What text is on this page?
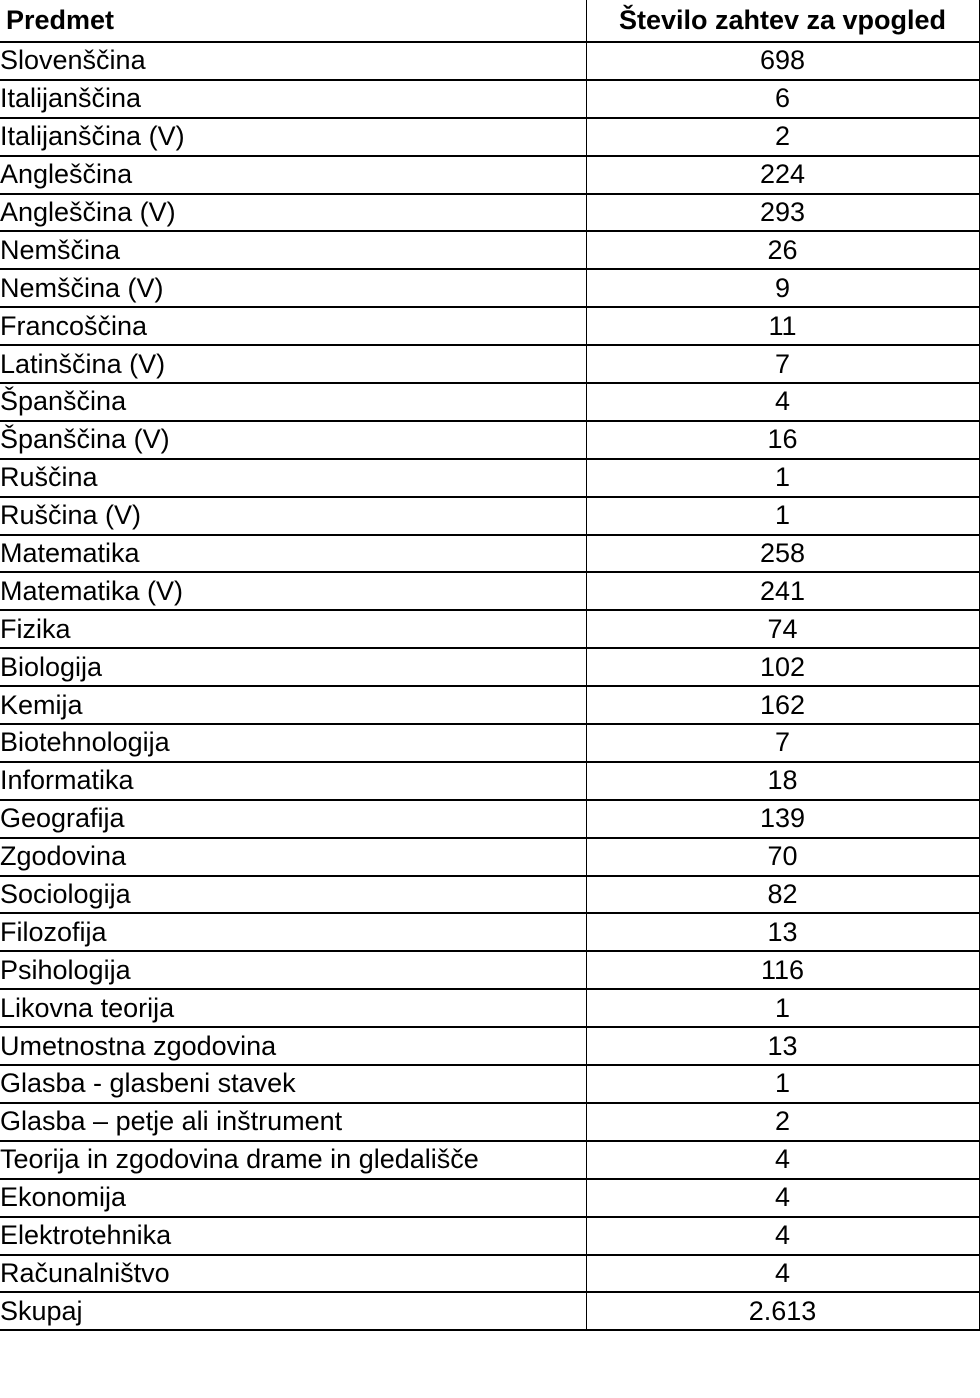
Predmet	Število zahtev za vpogled
Slovenščina	698
Italijanščina	6
Italijanščina (V)	2
Angleščina	224
Angleščina (V)	293
Nemščina	26
Nemščina (V)	9
Francoščina	11
Latinščina (V)	7
Španščina	4
Španščina (V)	16
Ruščina	1
Ruščina (V)	1
Matematika	258
Matematika (V)	241
Fizika	74
Biologija	102
Kemija	162
Biotehnologija	7
Informatika	18
Geografija	139
Zgodovina	70
Sociologija	82
Filozofija	13
Psihologija	116
Likovna teorija	1
Umetnostna zgodovina	13
Glasba - glasbeni stavek	1
Glasba – petje ali inštrument	2
Teorija in zgodovina drame in gledališče	4
Ekonomija	4
Elektrotehnika	4
Računalništvo	4
Skupaj	2.613
